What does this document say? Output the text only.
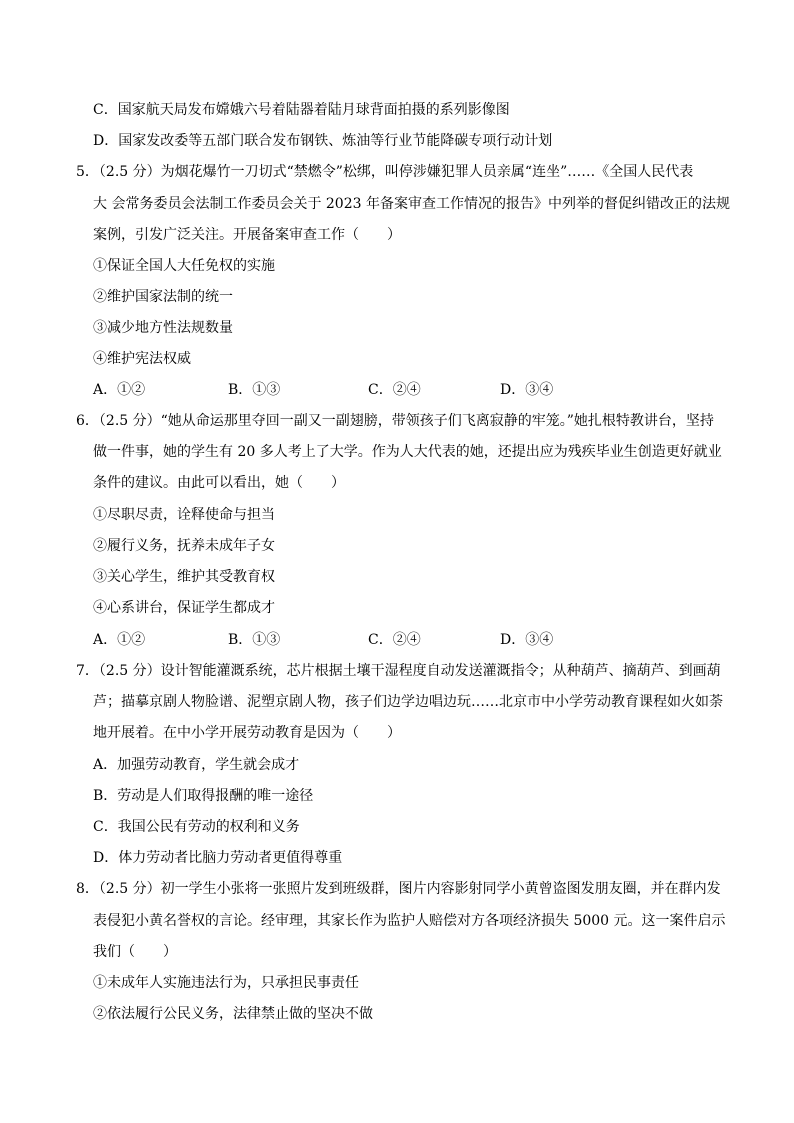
C．国家航天局发布嫦娥六号着陆器着陆月球背面拍摄的系列影像图
D．国家发改委等五部门联合发布钢铁、炼油等行业节能降碳专项行动计划
5．（2.5 分）为烟花爆竹一刀切式“禁燃令”松绑，叫停涉嫌犯罪人员亲属“连坐”……《全国人民代表
大 会常务委员会法制工作委员会关于 2023 年备案审查工作情况的报告》中列举的督促纠错改正的法规
案例，引发广泛关注。开展备案审查工作（　　）
①保证全国人大任免权的实施
②维护国家法制的统一
③减少地方性法规数量
④维护宪法权威
A．①②	B．①③	C．②④	D．③④
6．（2.5 分）“她从命运那里夺回一副又一副翅膀，带领孩子们飞离寂静的牢笼。”她扎根特教讲台，坚持
做一件事，她的学生有 20 多人考上了大学。作为人大代表的她，还提出应为残疾毕业生创造更好就业
条件的建议。由此可以看出，她（　　）
①尽职尽责，诠释使命与担当
②履行义务，抚养未成年子女
③关心学生，维护其受教育权
④心系讲台，保证学生都成才
A．①②	B．①③	C．②④	D．③④
7．（2.5 分）设计智能灌溉系统，芯片根据土壤干湿程度自动发送灌溉指令；从种葫芦、摘葫芦、到画葫
芦；描摹京剧人物脸谱、泥塑京剧人物，孩子们边学边唱边玩……北京市中小学劳动教育课程如火如荼
地开展着。在中小学开展劳动教育是因为（　　）
A．加强劳动教育，学生就会成才
B．劳动是人们取得报酬的唯一途径
C．我国公民有劳动的权利和义务
D．体力劳动者比脑力劳动者更值得尊重
8．（2.5 分）初一学生小张将一张照片发到班级群，图片内容影射同学小黄曾盗图发朋友圈，并在群内发
表侵犯小黄名誉权的言论。经审理，其家长作为监护人赔偿对方各项经济损失 5000 元。这一案件启示
我们（　　）
①未成年人实施违法行为，只承担民事责任
②依法履行公民义务，法律禁止做的坚决不做
